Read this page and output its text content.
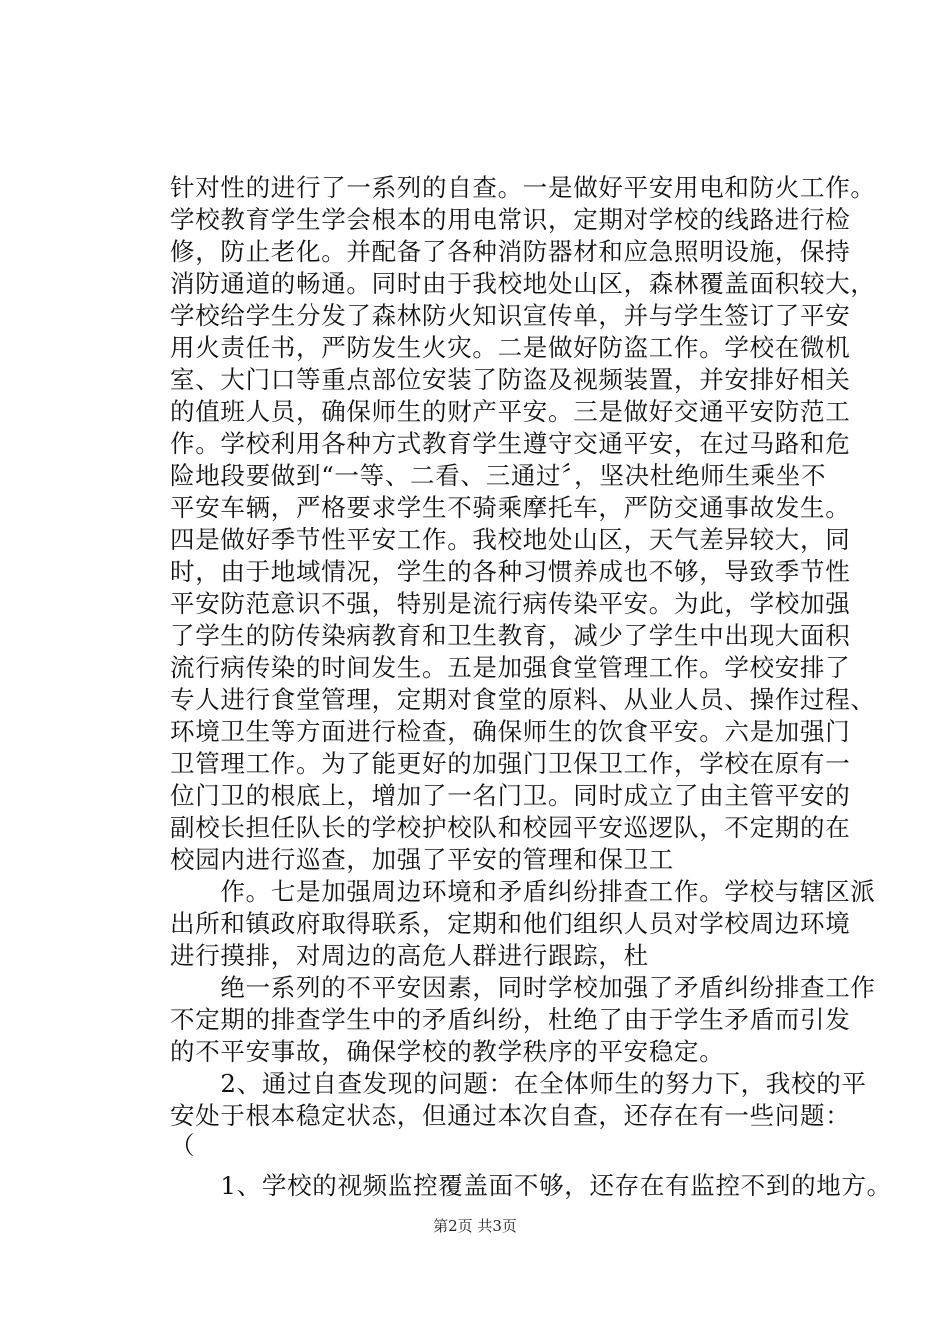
针对性的进行了一系列的自查。一是做好平安用电和防火工作。
学校教育学生学会根本的用电常识，定期对学校的线路进行检
修，防止老化。并配备了各种消防器材和应急照明设施，保持
消防通道的畅通。同时由于我校地处山区，森林覆盖面积较大，
学校给学生分发了森林防火知识宣传单，并与学生签订了平安
用火责任书，严防发生火灾。二是做好防盗工作。学校在微机
室、大门口等重点部位安装了防盗及视频装置，并安排好相关
的值班人员，确保师生的财产平安。三是做好交通平安防范工
作。学校利用各种方式教育学生遵守交通平安，在过马路和危
险地段要做到“一等、二看、三通过〞，坚决杜绝师生乘坐不
平安车辆，严格要求学生不骑乘摩托车，严防交通事故发生。
四是做好季节性平安工作。我校地处山区，天气差异较大，同
时，由于地域情况，学生的各种习惯养成也不够，导致季节性
平安防范意识不强，特别是流行病传染平安。为此，学校加强
了学生的防传染病教育和卫生教育，减少了学生中出现大面积
流行病传染的时间发生。五是加强食堂管理工作。学校安排了
专人进行食堂管理，定期对食堂的原料、从业人员、操作过程、
环境卫生等方面进行检查，确保师生的饮食平安。六是加强门
卫管理工作。为了能更好的加强门卫保卫工作，学校在原有一
位门卫的根底上，增加了一名门卫。同时成立了由主管平安的
副校长担任队长的学校护校队和校园平安巡逻队，不定期的在
校园内进行巡查，加强了平安的管理和保卫工
　　作。七是加强周边环境和矛盾纠纷排查工作。学校与辖区派
出所和镇政府取得联系，定期和他们组织人员对学校周边环境
进行摸排，对周边的高危人群进行跟踪，杜
　　绝一系列的不平安因素，同时学校加强了矛盾纠纷排查工作
不定期的排查学生中的矛盾纠纷，杜绝了由于学生矛盾而引发
的不平安事故，确保学校的教学秩序的平安稳定。
　　2、通过自查发现的问题：在全体师生的努力下，我校的平
安处于根本稳定状态，但通过本次自查，还存在有一些问题：
（
　　1、学校的视频监控覆盖面不够，还存在有监控不到的地方。
第2页 共3页
